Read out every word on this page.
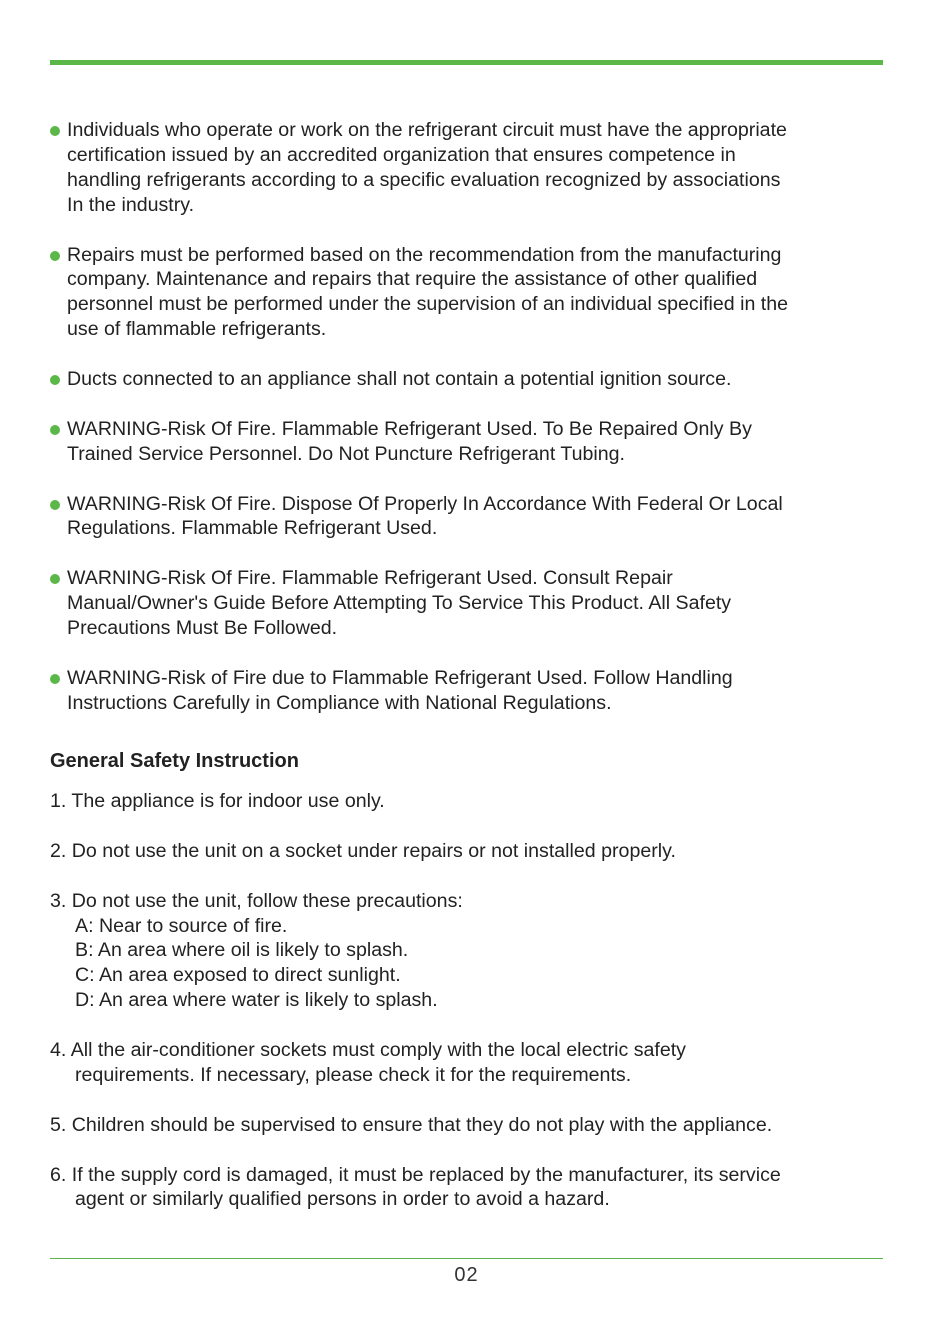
Individuals who operate or work on the refrigerant circuit must have the appropriate
certification issued by an accredited organization that ensures competence in
handling refrigerants according to a specific evaluation recognized by associations
In the industry.
Repairs must be performed based on the recommendation from the manufacturing
company. Maintenance and repairs that require the assistance of other qualified
personnel must be performed under the supervision of an individual specified in the
use of flammable refrigerants.
Ducts connected to an appliance shall not contain a potential ignition source.
WARNING-Risk Of Fire. Flammable Refrigerant Used. To Be Repaired Only By
Trained Service Personnel. Do Not Puncture Refrigerant Tubing.
WARNING-Risk Of Fire. Dispose Of Properly In Accordance With Federal Or Local
Regulations. Flammable Refrigerant Used.
WARNING-Risk Of Fire. Flammable Refrigerant Used. Consult Repair
Manual/Owner's Guide Before Attempting To Service This Product. All Safety
Precautions Must Be Followed.
WARNING-Risk of Fire due to Flammable Refrigerant Used. Follow Handling
Instructions Carefully in Compliance with National Regulations.
General Safety Instruction
1. The appliance is for indoor use only.
2. Do not use the unit on a socket under repairs or not installed properly.
3. Do not use the unit, follow these precautions:
A: Near to source of fire.
B: An area where oil is likely to splash.
C: An area exposed to direct sunlight.
D: An area where water is likely to splash.
4. All the air-conditioner sockets must comply with the local electric safety
requirements. If necessary, please check it for the requirements.
5. Children should be supervised to ensure that they do not play with the appliance.
6. If the supply cord is damaged, it must be replaced by the manufacturer, its service
agent or similarly qualified persons in order to avoid a hazard.
02
